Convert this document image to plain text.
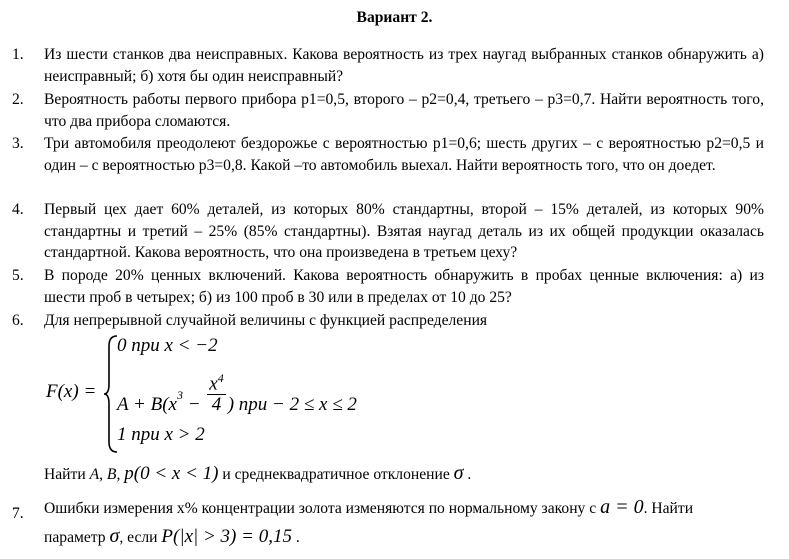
Вариант 2.
1. Из шести станков два неисправных. Какова вероятность из трех наугад выбранных станков обнаружить а) неисправный; б) хотя бы один неисправный?
2. Вероятность работы первого прибора р1=0,5, второго – р2=0,4, третьего – р3=0,7. Найти вероятность того, что два прибора сломаются.
3. Три автомобиля преодолеют бездорожье с вероятностью р1=0,6; шесть других – с вероятностью р2=0,5 и один – с вероятностью р3=0,8. Какой –то автомобиль выехал. Найти вероятность того, что он доедет.
4. Первый цех дает 60% деталей, из которых 80% стандартны, второй – 15% деталей, из которых 90% стандартны и третий – 25% (85% стандартны). Взятая наугад деталь из их общей продукции оказалась стандартной. Какова вероятность, что она произведена в третьем цеху?
5. В породе 20% ценных включений. Какова вероятность обнаружить в пробах ценные включения: а) из шести проб в четырех; б) из 100 проб в 30 или в пределах от 10 до 25?
6. Для непрерывной случайной величины с функцией распределения
F(x) =
0 при x < −2
$A + B(x^3 - \frac{x^4}{4}$ ) при − 2 ≤ x ≤ 2
1 при x > 2
Найти A, B, p(0 < x < 1) и среднеквадратичное отклонение σ .
7. Ошибки измерения х% концентрации золота изменяются по нормальному закону с a = 0. Найти
параметр σ, если P(|x| > 3) = 0,15 .
